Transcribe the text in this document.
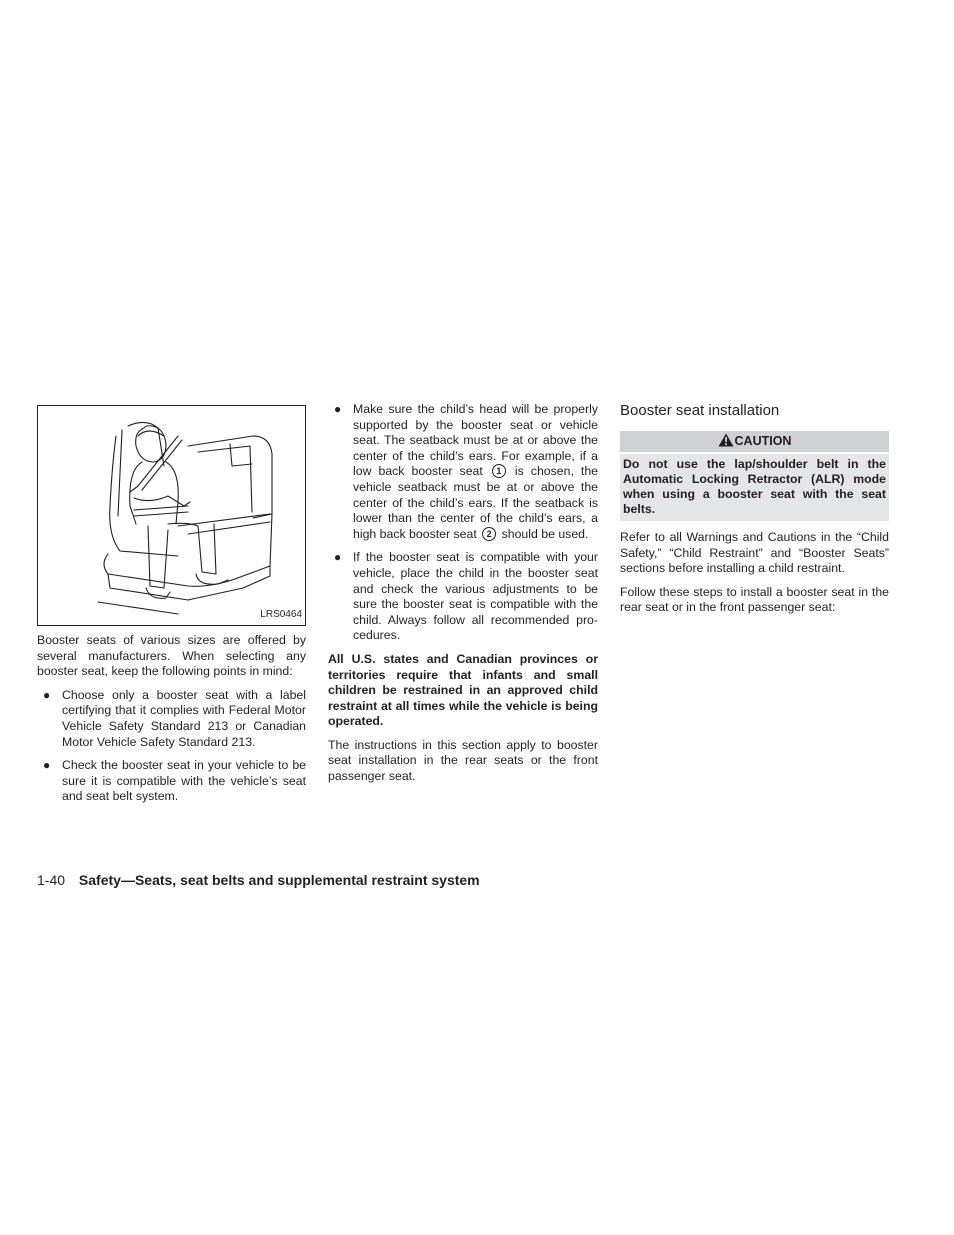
LRS0464

Booster seats of various sizes are offered by several manufacturers. When selecting any booster seat, keep the following points in mind:

● Choose only a booster seat with a label certifying that it complies with Federal Motor Vehicle Safety Standard 213 or Canadian Motor Vehicle Safety Standard 213.
● Check the booster seat in your vehicle to be sure it is compatible with the vehicle’s seat and seat belt system.
● Make sure the child’s head will be properly supported by the booster seat or vehicle seat. The seatback must be at or above the center of the child’s ears. For example, if a low back booster seat 1 is chosen, the vehicle seatback must be at or above the center of the child’s ears. If the seatback is lower than the center of the child’s ears, a high back booster seat 2 should be used.
● If the booster seat is compatible with your vehicle, place the child in the booster seat and check the various adjustments to be sure the booster seat is compatible with the child. Always follow all recommended pro-cedures.

All U.S. states and Canadian provinces or territories require that infants and small children be restrained in an approved child restraint at all times while the vehicle is being operated.

The instructions in this section apply to booster seat installation in the rear seats or the front passenger seat.

Booster seat installation
CAUTION
Do not use the lap/shoulder belt in the Automatic Locking Retractor (ALR) mode when using a booster seat with the seat belts.

Refer to all Warnings and Cautions in the “Child Safety,” “Child Restraint” and “Booster Seats” sections before installing a child restraint.

Follow these steps to install a booster seat in the rear seat or in the front passenger seat:

1-40 Safety—Seats, seat belts and supplemental restraint system
